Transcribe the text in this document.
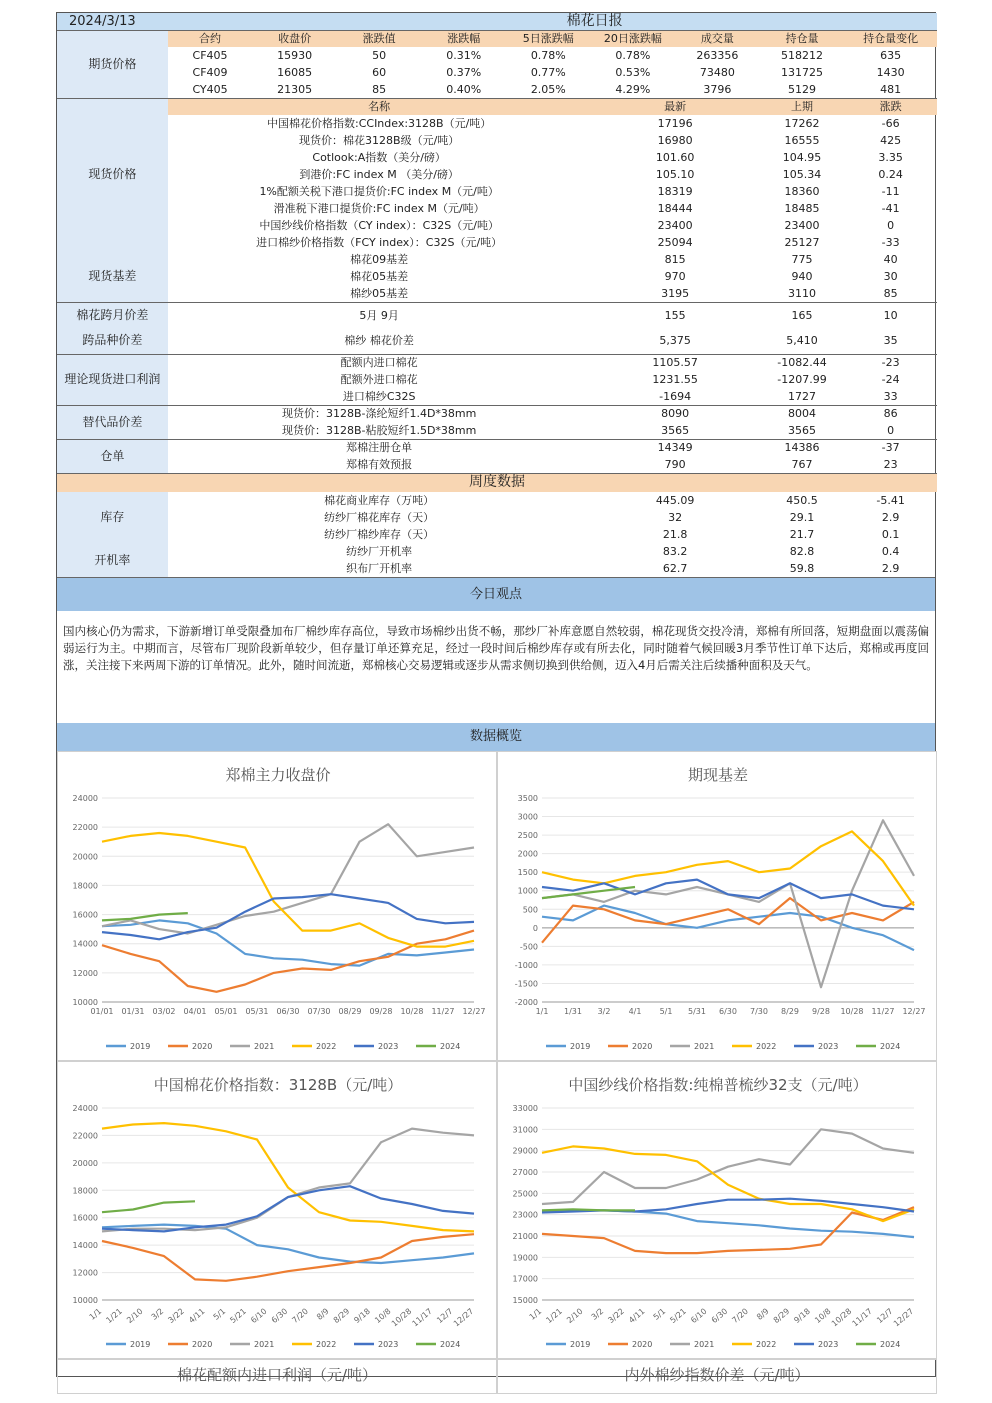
2024/3/13		棉花日报							
期货价格	合约	收盘价	涨跌值	涨跌幅	5日涨跌幅	20日涨跌幅	成交量	持仓量	持仓量变化
	CF405	15930	50	0.31%	0.78%	0.78%	263356	518212	635
	CF409	16085	60	0.37%	0.77%	0.53%	73480	131725	1430
	CY405	21305	85	0.40%	2.05%	4.29%	3796	5129	481
现货价格	名称					最新		上期	涨跌
	中国棉花价格指数:CCIndex:3128B（元/吨）					17196		17262	-66
	现货价：棉花3128B级（元/吨）					16980		16555	425
	Cotlook:A指数（美分/磅）					101.60		104.95	3.35
	到港价:FC index M （美分/磅）					105.10		105.34	0.24
	1%配额关税下港口提货价:FC index M（元/吨）					18319		18360	-11
	滑准税下港口提货价:FC index M（元/吨）					18444		18485	-41
	中国纱线价格指数（CY index）：C32S（元/吨）					23400		23400	0
	进口棉纱价格指数（FCY index）：C32S（元/吨）					25094		25127	-33
现货基差	棉花09基差					815		775	40
	棉花05基差					970		940	30
	棉纱05基差					3195		3110	85
棉花跨月价差	5月 9月					155		165	10
跨品种价差	棉纱 棉花价差					5,375		5,410	35
理论现货进口利润	配额内进口棉花					1105.57		-1082.44	-23
	配额外进口棉花					1231.55		-1207.99	-24
	进口棉纱C32S					-1694		1727	33
替代品价差	现货价：3128B-涤纶短纤1.4D*38mm					8090		8004	86
	现货价：3128B-粘胶短纤1.5D*38mm					3565		3565	0
仓单	郑棉注册仓单					14349		14386	-37
	郑棉有效预报					790		767	23
周度数据									
库存	棉花商业库存（万吨）					445.09		450.5	-5.41
	纺纱厂棉花库存（天）					32		29.1	2.9
	纺纱厂棉纱库存（天）					21.8		21.7	0.1
开机率	纺纱厂开机率					83.2		82.8	0.4
	织布厂开机率					62.7		59.8	2.9
今日观点
国内核心仍为需求，下游新增订单受限叠加布厂棉纱库存高位，导致市场棉纱出货不畅，那纱厂补库意愿自然较弱，棉花现货交投冷清，郑棉有所回落，短期盘面以震荡偏弱运行为主。中期而言，尽管布厂现阶段新单较少，但存量订单还算充足，经过一段时间后棉纱库存或有所去化，同时随着气候回暖3月季节性订单下达后，郑棉或再度回涨，关注接下来两周下游的订单情况。此外，随时间流逝，郑棉核心交易逻辑或逐步从需求侧切换到供给侧，迈入4月后需关注后续播种面积及天气。
数据概览
郑棉主力收盘价
24000
22000
20000
18000
16000
14000
12000
10000
01/01 01/31 03/02 04/01 05/01 05/31 06/30 07/30 08/29 09/28 10/28 11/27 12/27
2019	2020	2021	2022	2023	2024
期现基差
3500
3000
2500
2000
1500
1000
500
0
-500
-1000
-1500
-2000
1/1 1/31 3/2 4/1 5/1 5/31 6/30 7/30 8/29 9/28 10/28 11/27 12/27
2019	2020	2021	2022	2023	2024
中国棉花价格指数：3128B（元/吨）
24000
22000
20000
18000
16000
14000
12000
10000
1/1 1/21 2/10 3/2 3/22 4/11 5/1 5/21 6/10 6/30 7/20 8/9 8/29 9/18 10/8
10/28
11/17 12/7
12/27
2019	2020	2021	2022	2023	2024
中国纱线价格指数:纯棉普梳纱32支（元/吨）
33000
31000
29000
27000
25000
23000
21000
19000
17000
15000
1/1 1/21 2/10 3/2 3/22 4/11 5/1 5/21 6/10 6/30 7/20 8/9 8/29 9/18 10/8
10/28
11/17 12/7
12/27
2019	2020	2021	2022	2023	2024
棉花配额内进口利润（元/吨）	内外棉纱指数价差（元/吨）
